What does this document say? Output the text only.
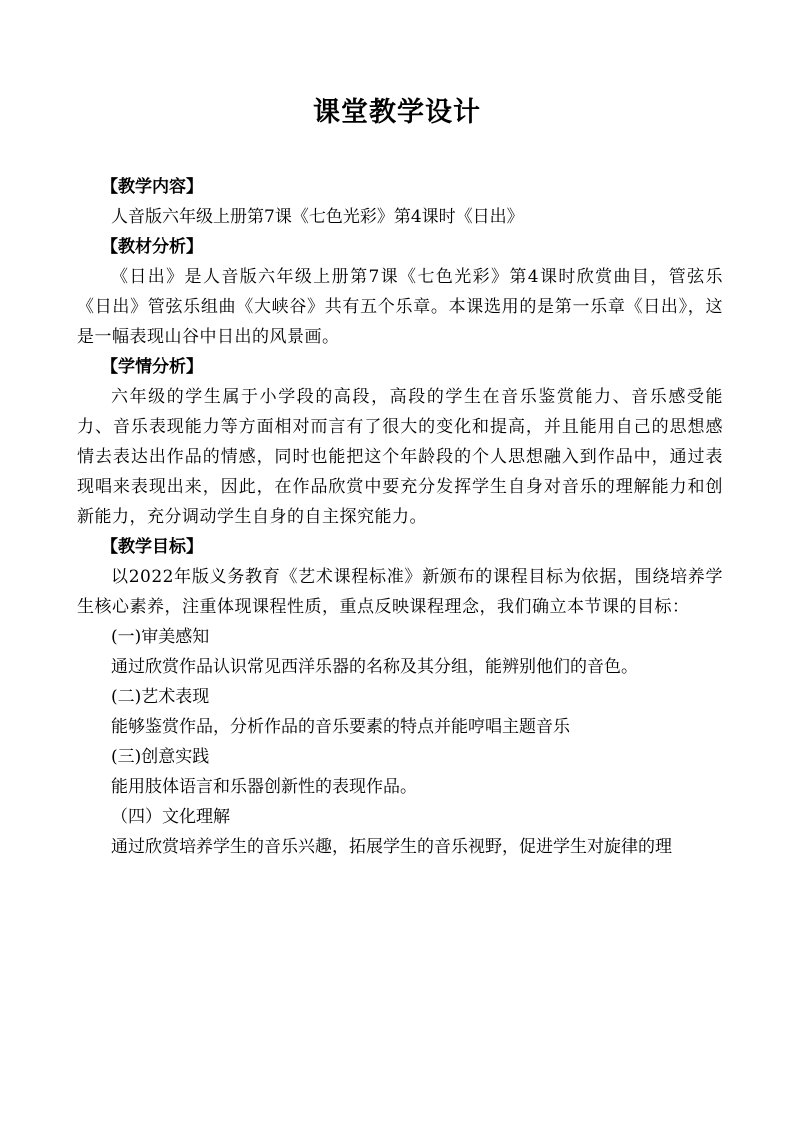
课堂教学设计

【教学内容】

人音版六年级上册第7课《七色光彩》第4课时《日出》

【教材分析】

《日出》是人音版六年级上册第7课《七色光彩》第4课时欣赏曲目，管弦乐《日出》管弦乐组曲《大峡谷》共有五个乐章。本课选用的是第一乐章《日出》，这是一幅表现山谷中日出的风景画。

【学情分析】

六年级的学生属于小学段的高段，高段的学生在音乐鉴赏能力、音乐感受能力、音乐表现能力等方面相对而言有了很大的变化和提高，并且能用自己的思想感情去表达出作品的情感，同时也能把这个年龄段的个人思想融入到作品中，通过表现唱来表现出来，因此，在作品欣赏中要充分发挥学生自身对音乐的理解能力和创新能力，充分调动学生自身的自主探究能力。

【教学目标】

以2022年版义务教育《艺术课程标准》新颁布的课程目标为依据，围绕培养学生核心素养，注重体现课程性质，重点反映课程理念，我们确立本节课的目标：

(一)审美感知

通过欣赏作品认识常见西洋乐器的名称及其分组，能辨别他们的音色。

(二)艺术表现

能够鉴赏作品，分析作品的音乐要素的特点并能哼唱主题音乐

(三)创意实践

能用肢体语言和乐器创新性的表现作品。

（四）文化理解

通过欣赏培养学生的音乐兴趣，拓展学生的音乐视野，促进学生对旋律的理
